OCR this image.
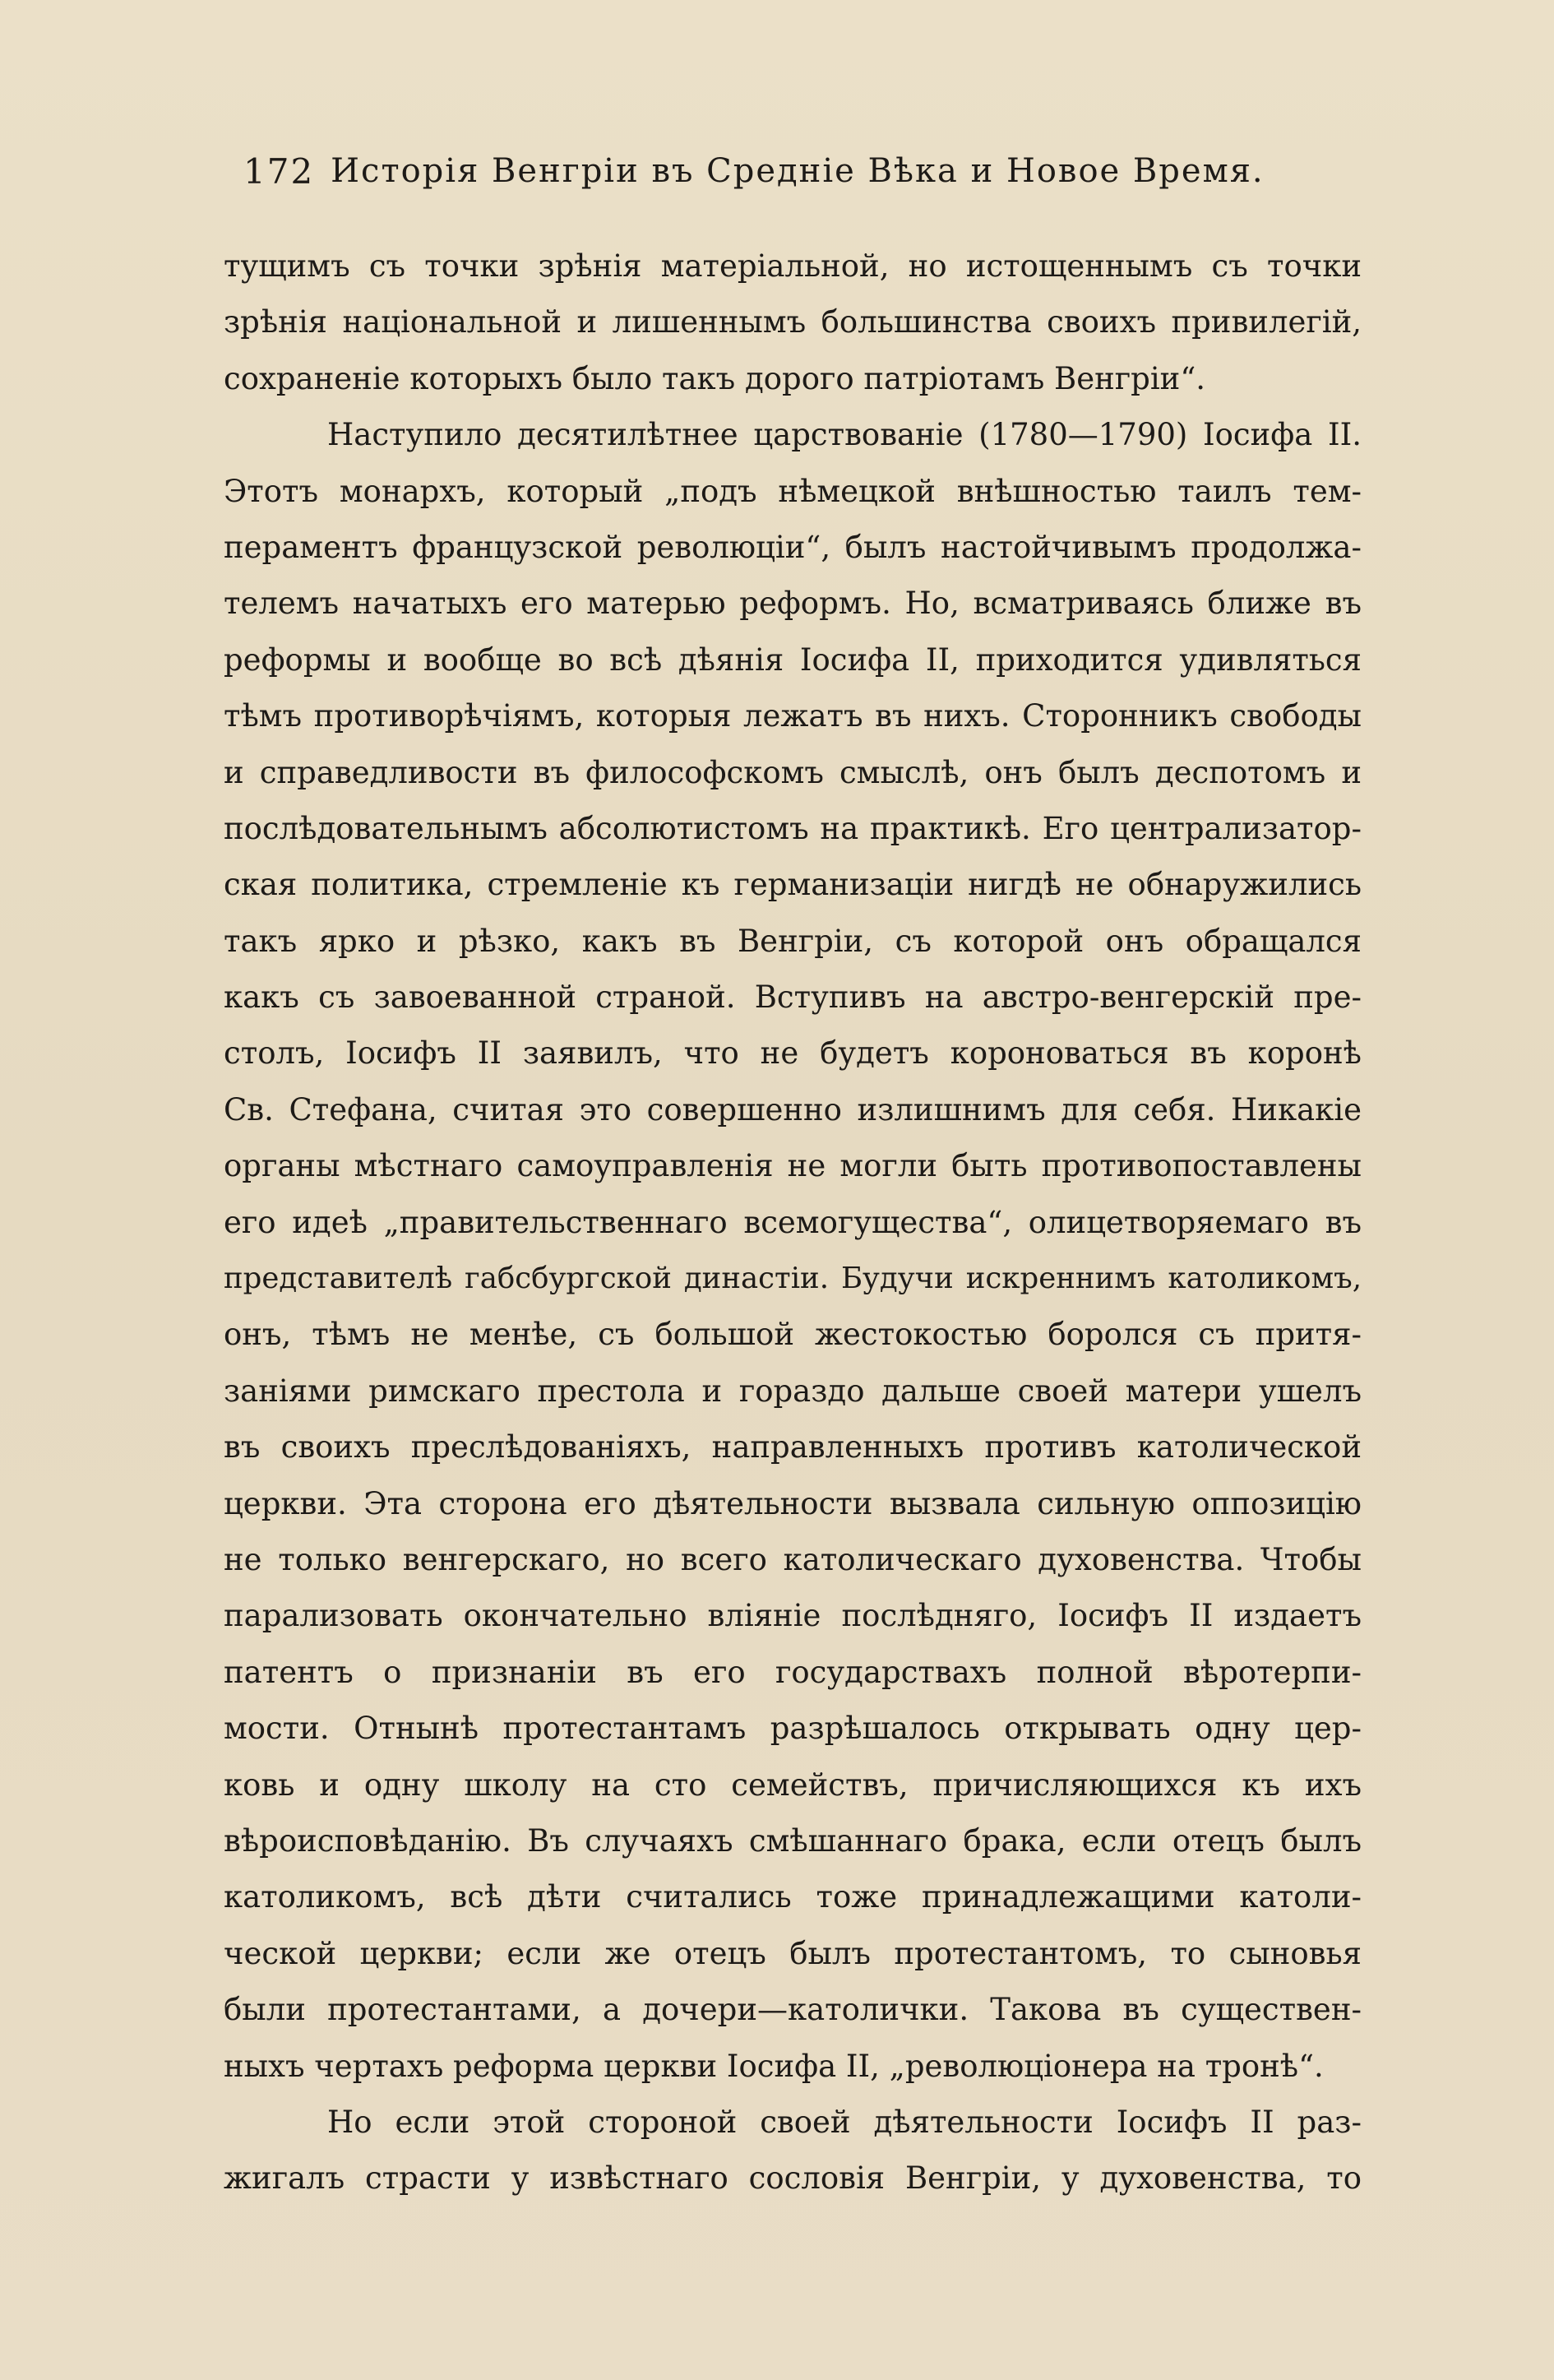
172 Исторія Венгріи въ Средніе Вѣка и Новое Время.
тущимъ съ точки зрѣнія матеріальной, но истощеннымъ съ точки
зрѣнія національной и лишеннымъ большинства своихъ привилегій,
сохраненіе которыхъ было такъ дорого патріотамъ Венгріи“.
Наступило десятилѣтнее царствованіе (1780—1790) Іосифа II.
Этотъ монархъ, который „подъ нѣмецкой внѣшностью таилъ тем-
пераментъ французской революціи“, былъ настойчивымъ продолжа-
телемъ начатыхъ его матерью реформъ. Но, всматриваясь ближе въ
реформы и вообще во всѣ дѣянія Іосифа II, приходится удивляться
тѣмъ противорѣчіямъ, которыя лежатъ въ нихъ. Сторонникъ свободы
и справедливости въ философскомъ смыслѣ, онъ былъ деспотомъ и
послѣдовательнымъ абсолютистомъ на практикѣ. Его централизатор-
ская политика, стремленіе къ германизаціи нигдѣ не обнаружились
такъ ярко и рѣзко, какъ въ Венгріи, съ которой онъ обращался
какъ съ завоеванной страной. Вступивъ на австро-венгерскій пре-
столъ, Іосифъ II заявилъ, что не будетъ короноваться въ коронѣ
Св. Стефана, считая это совершенно излишнимъ для себя. Никакіе
органы мѣстнаго самоуправленія не могли быть противопоставлены
его идеѣ „правительственнаго всемогущества“, олицетворяемаго въ
представителѣ габсбургской династіи. Будучи искреннимъ католикомъ,
онъ, тѣмъ не менѣе, съ большой жестокостью боролся съ притя-
заніями римскаго престола и гораздо дальше своей матери ушелъ
въ своихъ преслѣдованіяхъ, направленныхъ противъ католической
церкви. Эта сторона его дѣятельности вызвала сильную оппозицію
не только венгерскаго, но всего католическаго духовенства. Чтобы
парализовать окончательно вліяніе послѣдняго, Іосифъ II издаетъ
патентъ о признаніи въ его государствахъ полной вѣротерпи-
мости. Отнынѣ протестантамъ разрѣшалось открывать одну цер-
ковь и одну школу на сто семействъ, причисляющихся къ ихъ
вѣроисповѣданію. Въ случаяхъ смѣшаннаго брака, если отецъ былъ
католикомъ, всѣ дѣти считались тоже принадлежащими католи-
ческой церкви; если же отецъ былъ протестантомъ, то сыновья
были протестантами, а дочери—католички. Такова въ существен-
ныхъ чертахъ реформа церкви Іосифа II, „революціонера на тронѣ“.
Но если этой стороной своей дѣятельности Іосифъ II раз-
жигалъ страсти у извѣстнаго сословія Венгріи, у духовенства, то
